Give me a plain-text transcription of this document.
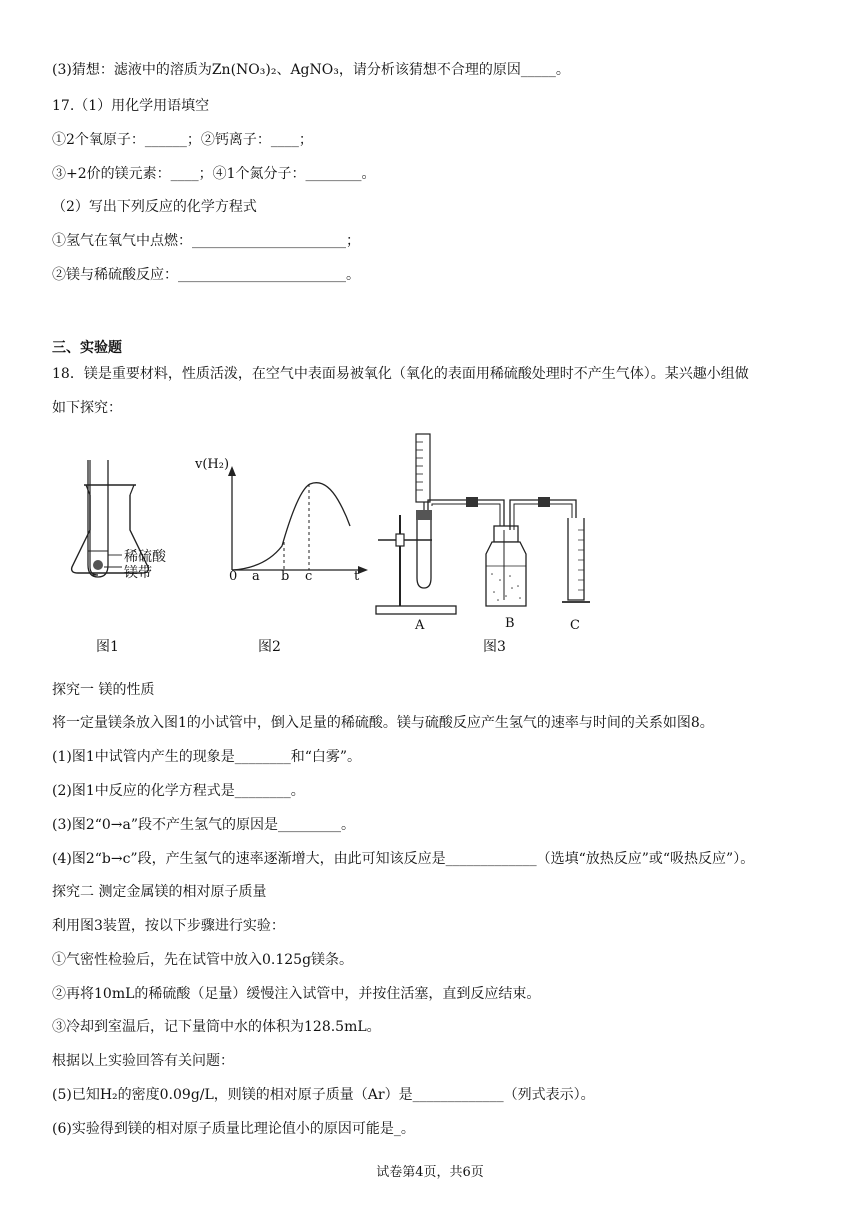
(3)猜想：滤液中的溶质为Zn(NO₃)₂、AgNO₃，请分析该猜想不合理的原因_____。
17.（1）用化学用语填空
①2个氧原子：______；②钙离子：____；
③+2价的镁元素：____；④1个氮分子：________。
（2）写出下列反应的化学方程式
①氢气在氧气中点燃：______________________；
②镁与稀硫酸反应：________________________。
三、实验题
18．镁是重要材料，性质活泼，在空气中表面易被氧化（氧化的表面用稀硫酸处理时不产生气体）。某兴趣小组做
如下探究：
稀硫酸
镁带
v(H₂)
0 a b c	t
A	B	C
图1	图2	图3
探究一 镁的性质
将一定量镁条放入图1的小试管中，倒入足量的稀硫酸。镁与硫酸反应产生氢气的速率与时间的关系如图8。
(1)图1中试管内产生的现象是________和“白雾”。
(2)图1中反应的化学方程式是________。
(3)图2“0→a”段不产生氢气的原因是_________。
(4)图2“b→c”段，产生氢气的速率逐渐增大，由此可知该反应是_____________（选填“放热反应”或“吸热反应”）。
探究二 测定金属镁的相对原子质量
利用图3装置，按以下步骤进行实验：
①气密性检验后，先在试管中放入0.125g镁条。
②再将10mL的稀硫酸（足量）缓慢注入试管中，并按住活塞，直到反应结束。
③冷却到室温后，记下量筒中水的体积为128.5mL。
根据以上实验回答有关问题：
(5)已知H₂的密度0.09g/L，则镁的相对原子质量（Ar）是_____________（列式表示）。
(6)实验得到镁的相对原子质量比理论值小的原因可能是_。
试卷第4页，共6页
